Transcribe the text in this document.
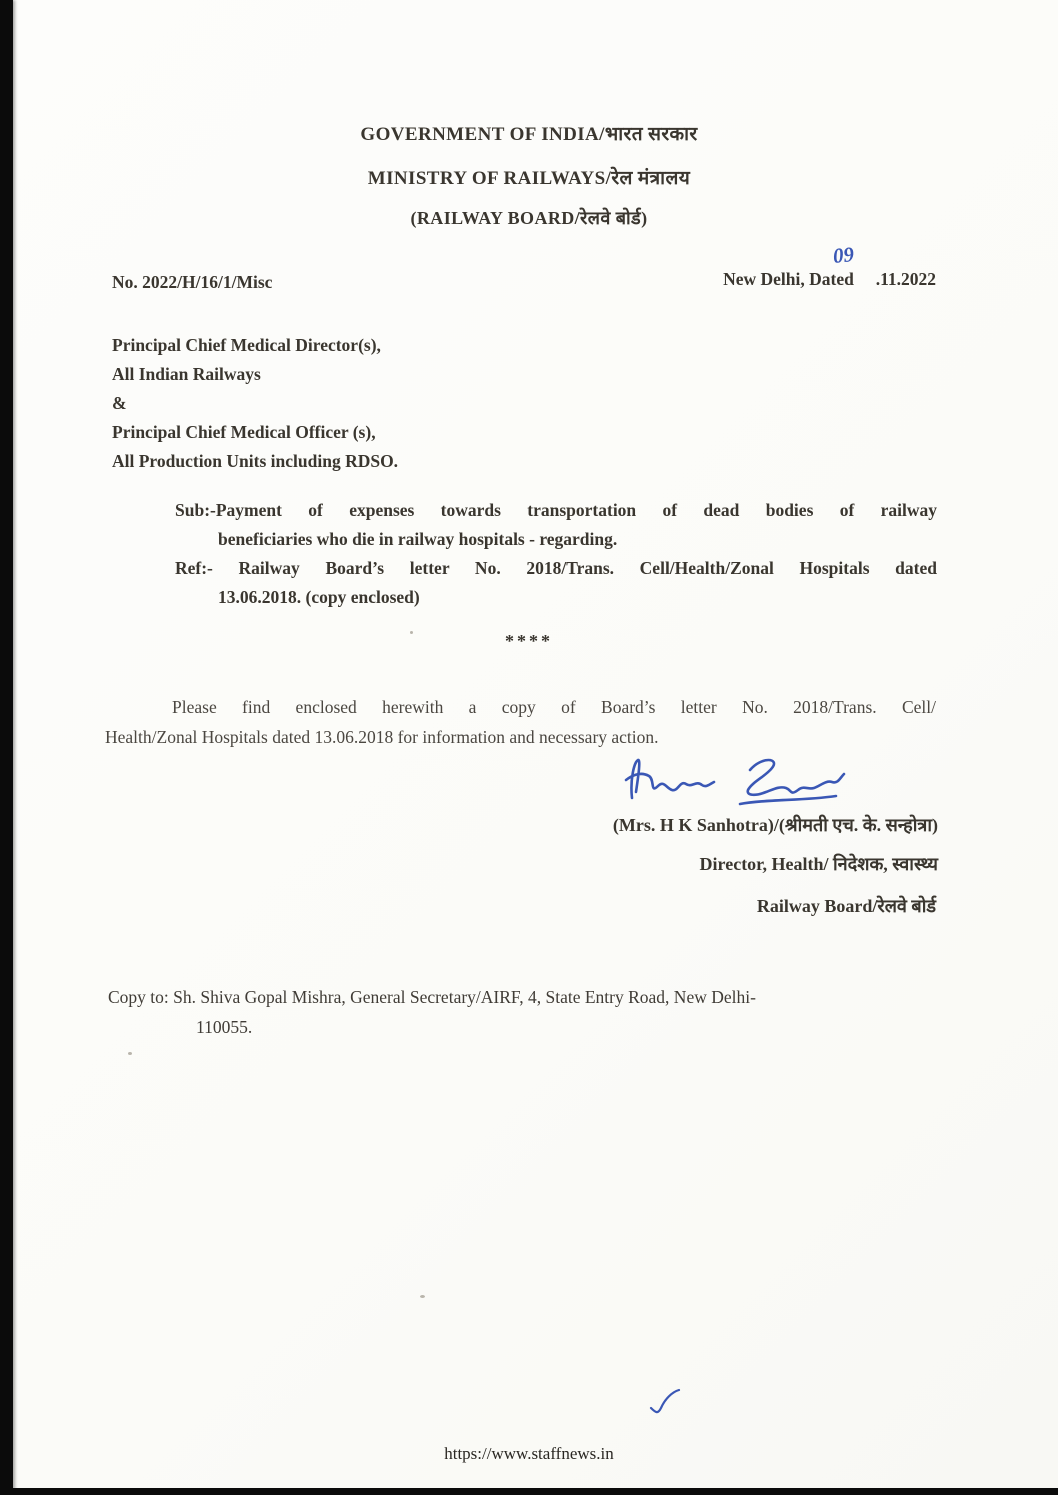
GOVERNMENT OF INDIA/भारत सरकार
MINISTRY OF RAILWAYS/रेल मंत्रालय
(RAILWAY BOARD/रेलवे बोर्ड)
No. 2022/H/16/1/Misc	New Delhi, Dated     .11.2022
09
Principal Chief Medical Director(s),
All Indian Railways
&
Principal Chief Medical Officer (s),
All Production Units including RDSO.
Sub:-Payment of expenses towards transportation of dead bodies of railway
beneficiaries who die in railway hospitals - regarding.
Ref:- Railway Board’s letter No. 2018/Trans. Cell/Health/Zonal Hospitals dated
13.06.2018. (copy enclosed)
****
Please find enclosed herewith a copy of Board’s letter No. 2018/Trans. Cell/
Health/Zonal Hospitals dated 13.06.2018 for information and necessary action.
(Mrs. H K Sanhotra)/(श्रीमती एच. के. सन्होत्रा)
Director, Health/ निदेशक, स्वास्थ्य
Railway Board/रेलवे बोर्ड
Copy to: Sh. Shiva Gopal Mishra, General Secretary/AIRF, 4, State Entry Road, New Delhi-
110055.
https://www.staffnews.in
